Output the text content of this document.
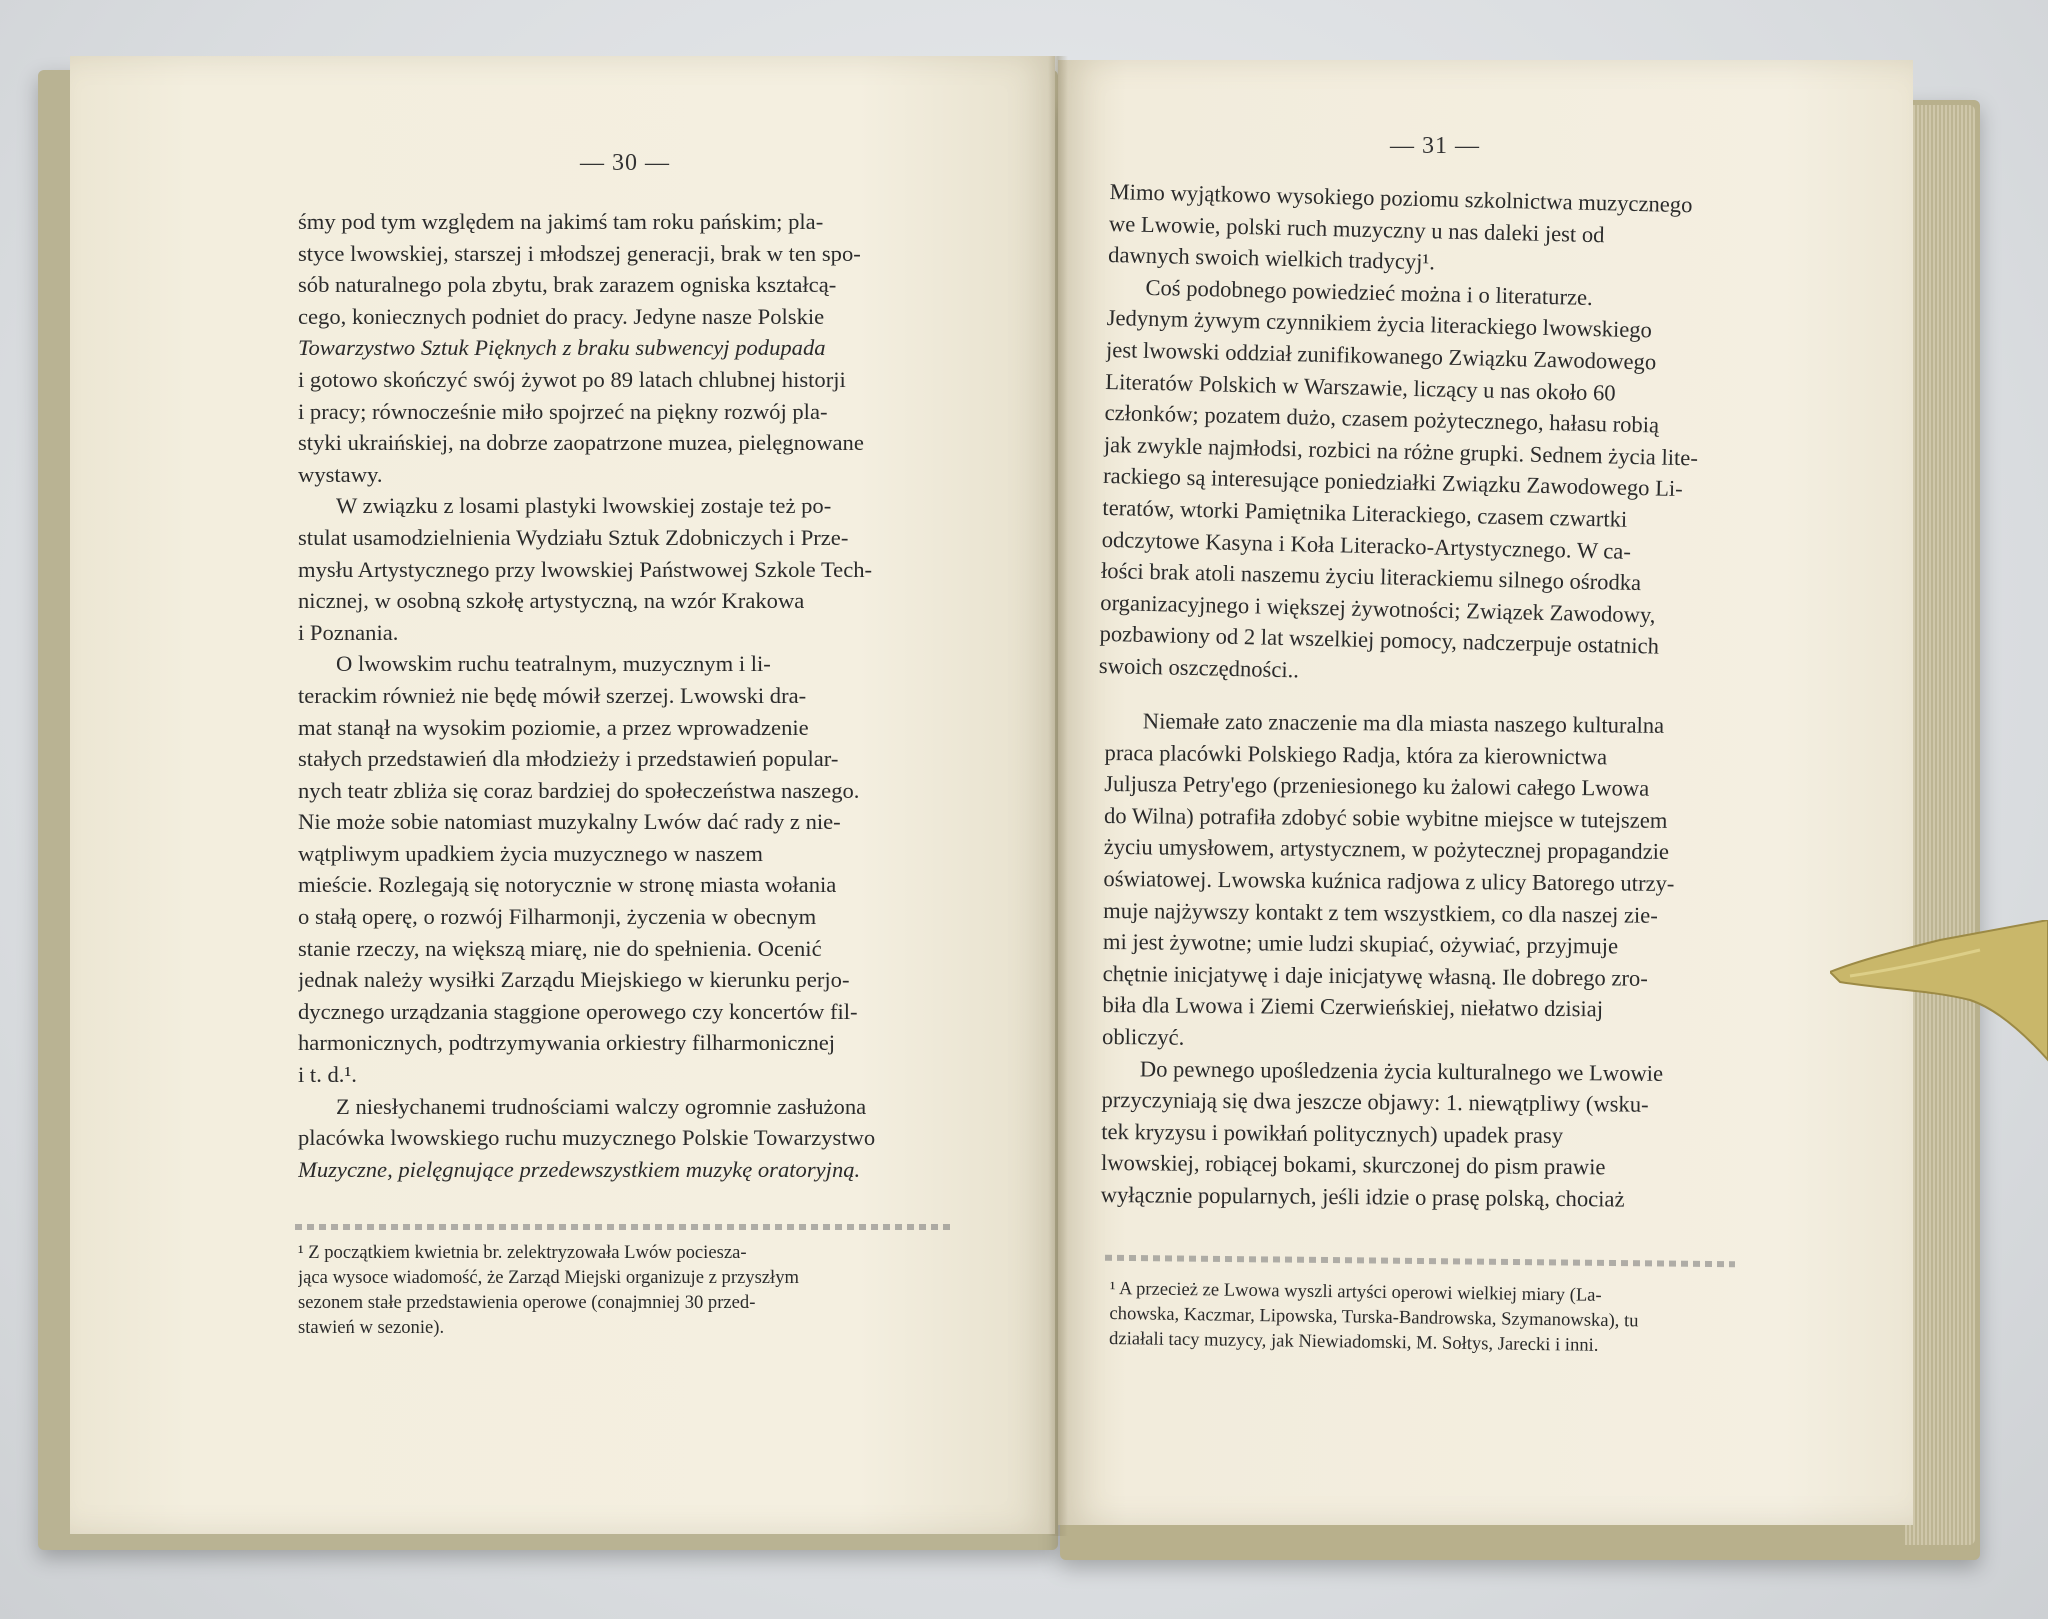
— 30 —
— 31 —
śmy pod tym względem na jakimś tam roku pańskim; pla-
styce lwowskiej, starszej i młodszej generacji, brak w ten spo-
sób naturalnego pola zbytu, brak zarazem ogniska kształcą-
cego, koniecznych podniet do pracy. Jedyne nasze Polskie
Towarzystwo Sztuk Pięknych z braku subwencyj podupada
i gotowo skończyć swój żywot po 89 latach chlubnej historji
i pracy; równocześnie miło spojrzeć na piękny rozwój pla-
styki ukraińskiej, na dobrze zaopatrzone muzea, pielęgnowane
wystawy.
W związku z losami plastyki lwowskiej zostaje też po-
stulat usamodzielnienia Wydziału Sztuk Zdobniczych i Prze-
mysłu Artystycznego przy lwowskiej Państwowej Szkole Tech-
nicznej, w osobną szkołę artystyczną, na wzór Krakowa
i Poznania.
O lwowskim ruchu teatralnym, muzycznym i li-
terackim również nie będę mówił szerzej. Lwowski dra-
mat stanął na wysokim poziomie, a przez wprowadzenie
stałych przedstawień dla młodzieży i przedstawień popular-
nych teatr zbliża się coraz bardziej do społeczeństwa naszego.
Nie może sobie natomiast muzykalny Lwów dać rady z nie-
wątpliwym upadkiem życia muzycznego w naszem
mieście. Rozlegają się notorycznie w stronę miasta wołania
o stałą operę, o rozwój Filharmonji, życzenia w obecnym
stanie rzeczy, na większą miarę, nie do spełnienia. Ocenić
jednak należy wysiłki Zarządu Miejskiego w kierunku perjo-
dycznego urządzania staggione operowego czy koncertów fil-
harmonicznych, podtrzymywania orkiestry filharmonicznej
i t. d.¹.
Z niesłychanemi trudnościami walczy ogromnie zasłużona
placówka lwowskiego ruchu muzycznego Polskie Towarzystwo
Muzyczne, pielęgnujące przedewszystkiem muzykę oratoryjną.
¹ Z początkiem kwietnia br. zelektryzowała Lwów pociesza-
jąca wysoce wiadomość, że Zarząd Miejski organizuje z przyszłym
sezonem stałe przedstawienia operowe (conajmniej 30 przed-
stawień w sezonie).
Mimo wyjątkowo wysokiego poziomu szkolnictwa muzycznego
we Lwowie, polski ruch muzyczny u nas daleki jest od
dawnych swoich wielkich tradycyj¹.
Coś podobnego powiedzieć można i o literaturze.
Jedynym żywym czynnikiem życia literackiego lwowskiego
jest lwowski oddział zunifikowanego Związku Zawodowego
Literatów Polskich w Warszawie, liczący u nas około 60
członków; pozatem dużo, czasem pożytecznego, hałasu robią
jak zwykle najmłodsi, rozbici na różne grupki. Sednem życia lite-
rackiego są interesujące poniedziałki Związku Zawodowego Li-
teratów, wtorki Pamiętnika Literackiego, czasem czwartki
odczytowe Kasyna i Koła Literacko-Artystycznego. W ca-
łości brak atoli naszemu życiu literackiemu silnego ośrodka
organizacyjnego i większej żywotności; Związek Zawodowy,
pozbawiony od 2 lat wszelkiej pomocy, nadczerpuje ostatnich
swoich oszczędności..
Niemałe zato znaczenie ma dla miasta naszego kulturalna
praca placówki Polskiego Radja, która za kierownictwa
Juljusza Petry'ego (przeniesionego ku żalowi całego Lwowa
do Wilna) potrafiła zdobyć sobie wybitne miejsce w tutejszem
życiu umysłowem, artystycznem, w pożytecznej propagandzie
oświatowej. Lwowska kuźnica radjowa z ulicy Batorego utrzy-
muje najżywszy kontakt z tem wszystkiem, co dla naszej zie-
mi jest żywotne; umie ludzi skupiać, ożywiać, przyjmuje
chętnie inicjatywę i daje inicjatywę własną. Ile dobrego zro-
biła dla Lwowa i Ziemi Czerwieńskiej, niełatwo dzisiaj
obliczyć.
Do pewnego upośledzenia życia kulturalnego we Lwowie
przyczyniają się dwa jeszcze objawy: 1. niewątpliwy (wsku-
tek kryzysu i powikłań politycznych) upadek prasy
lwowskiej, robiącej bokami, skurczonej do pism prawie
wyłącznie popularnych, jeśli idzie o prasę polską, chociaż
¹ A przecież ze Lwowa wyszli artyści operowi wielkiej miary (La-
chowska, Kaczmar, Lipowska, Turska-Bandrowska, Szymanowska), tu
działali tacy muzycy, jak Niewiadomski, M. Sołtys, Jarecki i inni.
